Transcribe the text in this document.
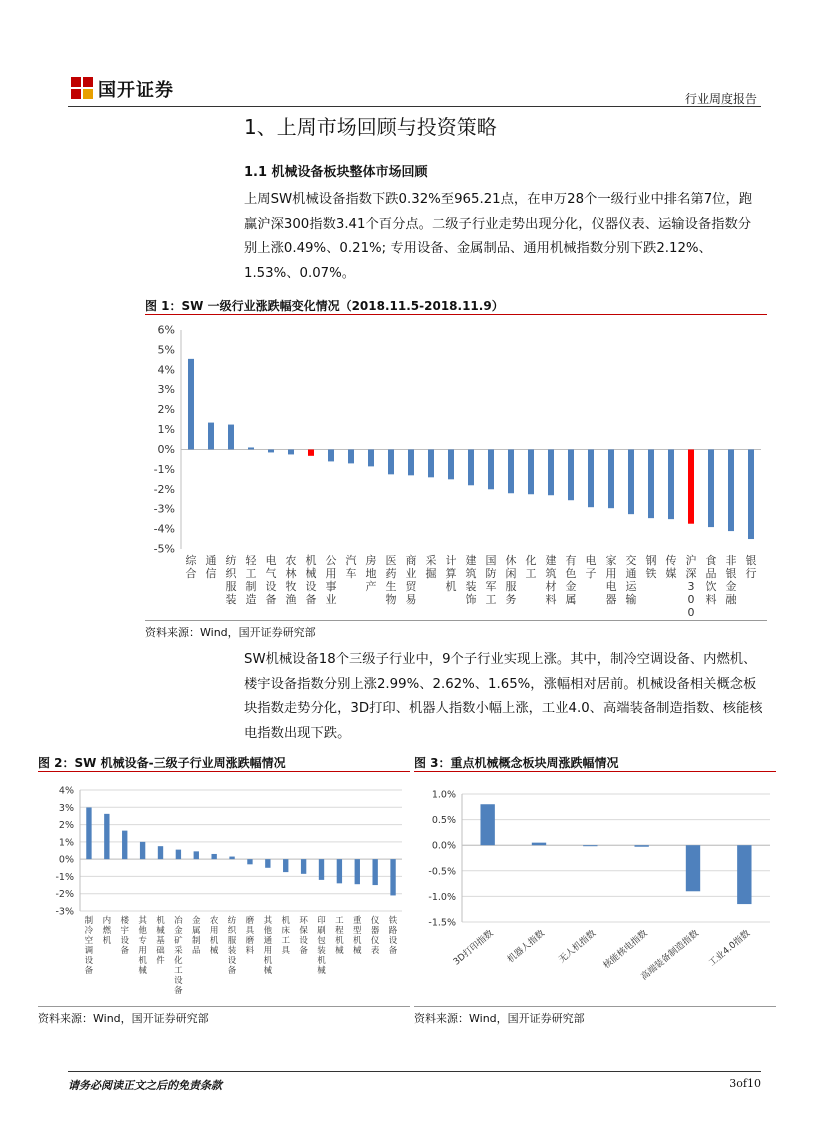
国开证券	行业周度报告
1、上周市场回顾与投资策略
1.1 机械设备板块整体市场回顾
上周SW机械设备指数下跌0.32%至965.21点，在申万28个一级行业中排名第7位，跑赢沪深300指数3.41个百分点。二级子行业走势出现分化，仪器仪表、运输设备指数分别上涨0.49%、0.21%; 专用设备、金属制品、通用机械指数分别下跌2.12%、1.53%、0.07%。
图 1：SW 一级行业涨跌幅变化情况（2018.11.5-2018.11.9）
6%
5%
4%
3%
2%
1%
0%
-1%
-2%
-3%
-4%
-5%
综合
通信
纺织服装
轻工制造
电气设备
农林牧渔
机械设备
公用事业
汽车
房地产
医药生物
商业贸易
采掘
计算机
建筑装饰
国防军工
休闲服务
化工
建筑材料
有色金属
电子
家用电器
交通运输
钢铁
传媒
沪深 3 0 0
食品饮料
非银金融
银行
资料来源：Wind，国开证券研究部
SW机械设备18个三级子行业中，9个子行业实现上涨。其中，制冷空调设备、内燃机、楼宇设备指数分别上涨2.99%、2.62%、1.65%，涨幅相对居前。机械设备相关概念板块指数走势分化，3D打印、机器人指数小幅上涨，工业4.0、高端装备制造指数、核能核电指数出现下跌。
图 2：SW 机械设备-三级子行业周涨跌幅情况
4%
3%
2%
1%
0%
-1%
-2%
-3%
制冷空调设备
内燃机
楼宇设备
其他专用机械
机械基础件
冶金矿采化工设备
金属制品
农用机械
纺织服装设备
磨具磨料
其他通用机械
机床工具
环保设备
印刷包装机械
工程机械
重型机械
仪器仪表
铁路设备
资料来源：Wind，国开证券研究部
图 3：重点机械概念板块周涨跌幅情况
1.0%
0.5%
0.0%
-0.5%
-1.0%
-1.5%
3D打印指数 机器人指数 无人机指数 核能核电指数
高端装备制造指数 工业4.0指数
资料来源：Wind，国开证券研究部
请务必阅读正文之后的免责条款	3of10
